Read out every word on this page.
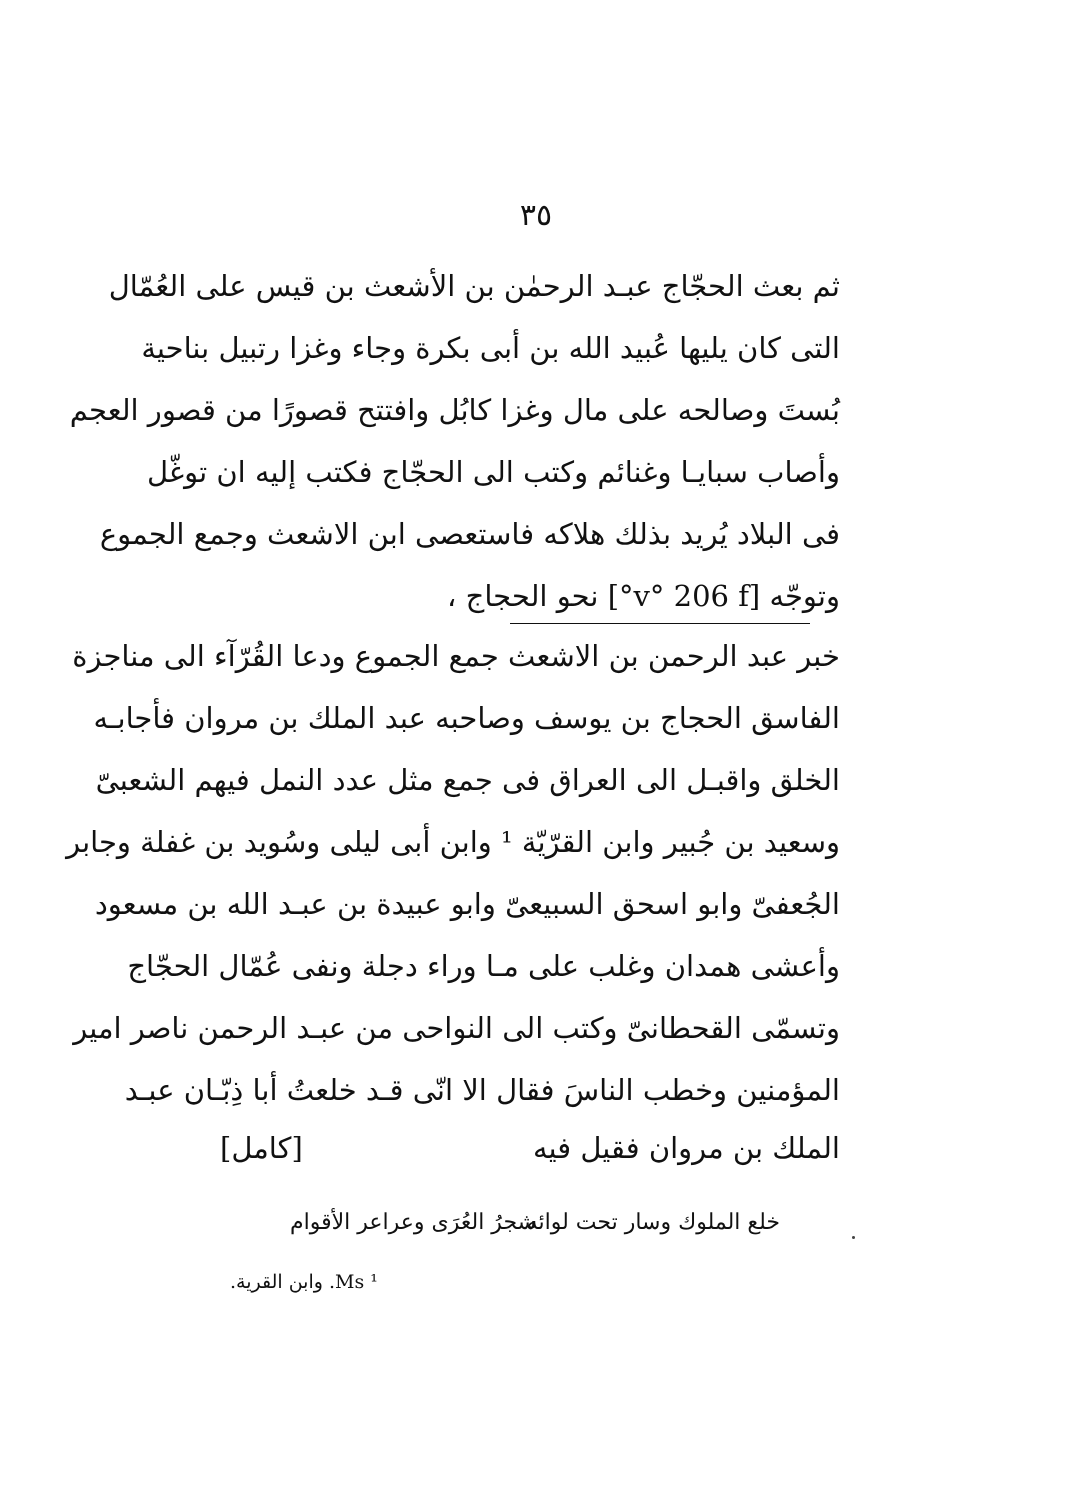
٣٥
ثم بعث الحجّاج عبـد الرحمٰن بن الأشعث بن قيس على العُمّال
التى كان يليها عُبيد الله بن أبى بكرة وجاء وغزا رتبيل بناحية
بُستَ وصالحه على مال وغزا كابُل وافتتح قصورًا من قصور العجم
وأصاب سبايـا وغنائم وكتب الى الحجّاج فكتب إليه ان توغّل
فى البلاد يُريد بذلك هلاكه فاستعصى ابن الاشعث وجمع الجموع
وتوجّه [v° 206 f°] نحو الحجاج ،
خبر عبد الرحمن بن الاشعث جمع الجموع ودعا القُرّآء الى مناجزة
الفاسق الحجاج بن يوسف وصاحبه عبد الملك بن مروان فأجابـه
الخلق واقبـل الى العراق فى جمع مثل عدد النمل فيهم الشعبىّ
وسعيد بن جُبير وابن القرّيّة ¹ وابن أبى ليلى وسُويد بن غفلة وجابر
الجُعفىّ وابو اسحق السبيعىّ وابو عبيدة بن عبـد الله بن مسعود
وأعشى همدان وغلب على مـا وراء دجلة ونفى عُمّال الحجّاج
وتسمّى القحطانىّ وكتب الى النواحى من عبـد الرحمن ناصر امير
المؤمنين وخطب الناسَ فقال الا انّى قـد خلعتُ أبا ذِبّـان عبـد
الملك بن مروان فقيل فيه
[كامل]
خلع الملوك وسار تحت لوائه
شجرُ العُرَى وعراعر الأقوام
¹ Ms. وابن القرية.
